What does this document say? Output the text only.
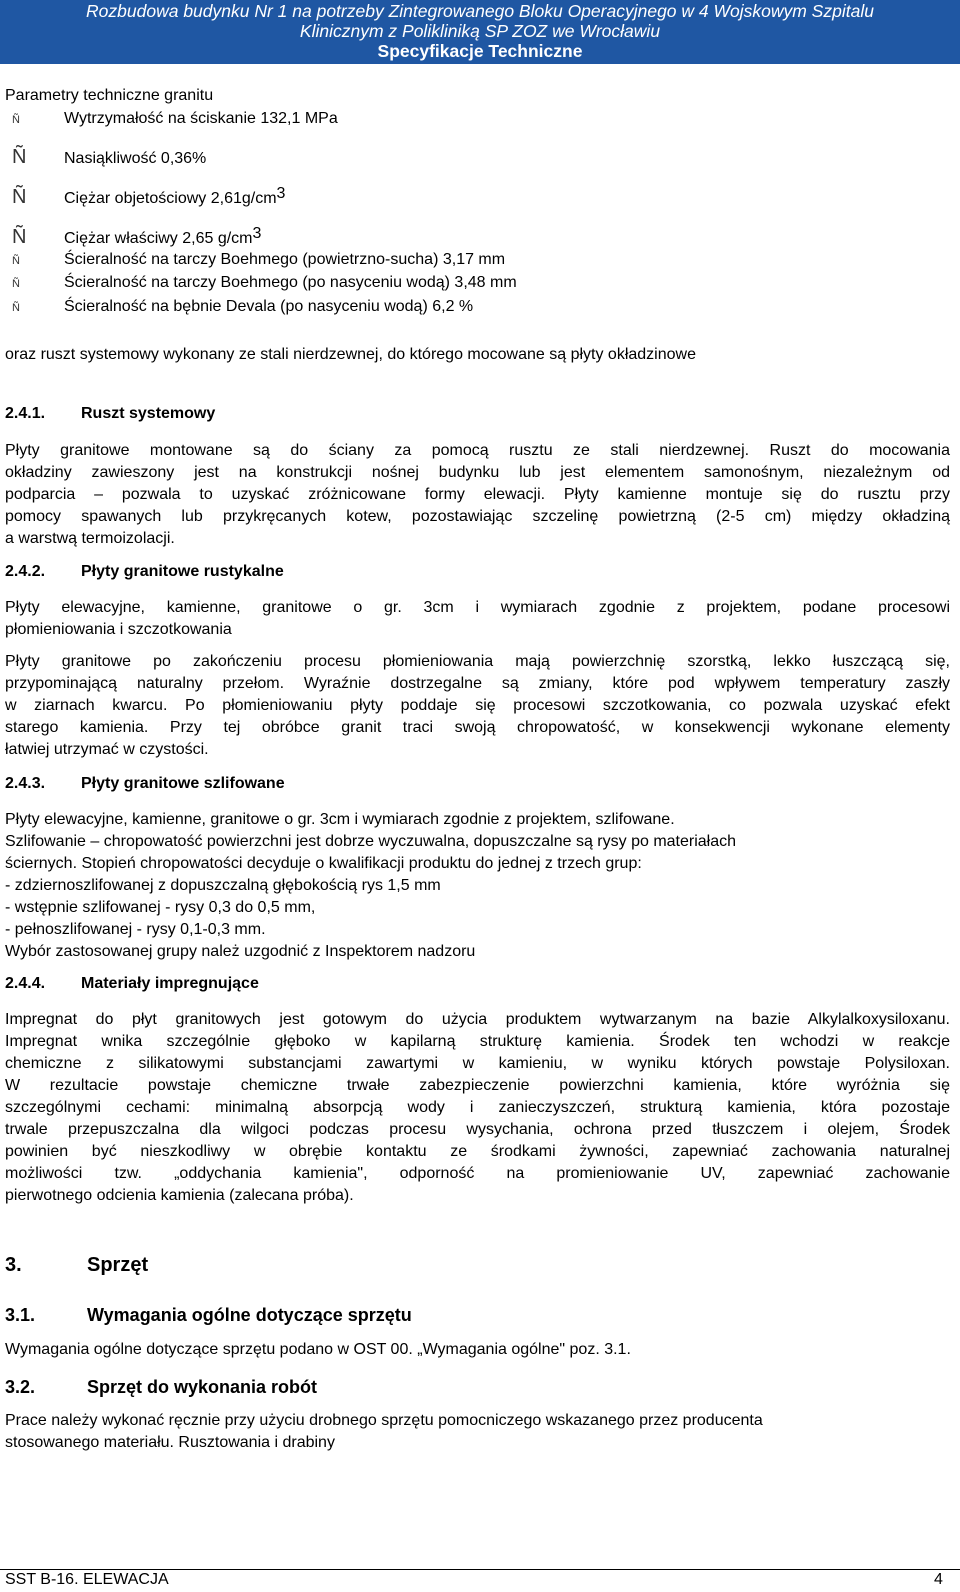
Rozbudowa budynku Nr 1 na potrzeby Zintegrowanego Bloku Operacyjnego w 4 Wojskowym Szpitalu
Klinicznym z Polikliniką SP ZOZ we Wrocławiu
Specyfikacje Techniczne
Parametry techniczne granitu
Ñ	Wytrzymałość na ściskanie 132,1 MPa
Ñ Nasiąkliwość 0,36%
Ñ Ciężar objetościowy $2,61g/cm^3$
Ñ Ciężar właściwy 2,65 $g/cm^3$
Ñ	Ścieralność na tarczy Boehmego (powietrzno-sucha) 3,17 mm
Ñ	Ścieralność na tarczy Boehmego (po nasyceniu wodą) 3,48 mm
Ñ	Ścieralność na bębnie Devala (po nasyceniu wodą) 6,2 %
oraz ruszt systemowy wykonany ze stali nierdzewnej, do którego mocowane są płyty okładzinowe
2.4.1. Ruszt systemowy
Płyty granitowe montowane są do ściany za pomocą rusztu ze stali nierdzewnej. Ruszt do mocowania
okładziny zawieszony jest na konstrukcji nośnej budynku lub jest elementem samonośnym, niezależnym od
podparcia – pozwala to uzyskać zróżnicowane formy elewacji. Płyty kamienne montuje się do rusztu przy
pomocy spawanych lub przykręcanych kotew, pozostawiając szczelinę powietrzną (2-5 cm) między okładziną
a warstwą termoizolacji.
2.4.2. Płyty granitowe rustykalne
Płyty elewacyjne, kamienne, granitowe o gr. 3cm i wymiarach zgodnie z projektem, podane procesowi
płomieniowania i szczotkowania
Płyty granitowe po zakończeniu procesu płomieniowania mają powierzchnię szorstką, lekko łuszczącą się,
przypominającą naturalny przełom. Wyraźnie dostrzegalne są zmiany, które pod wpływem temperatury zaszły
w ziarnach kwarcu. Po płomieniowaniu płyty poddaje się procesowi szczotkowania, co pozwala uzyskać efekt
starego kamienia. Przy tej obróbce granit traci swoją chropowatość, w konsekwencji wykonane elementy
łatwiej utrzymać w czystości.
2.4.3. Płyty granitowe szlifowane
Płyty elewacyjne, kamienne, granitowe o gr. 3cm i wymiarach zgodnie z projektem, szlifowane.
Szlifowanie – chropowatość powierzchni jest dobrze wyczuwalna, dopuszczalne są rysy po materiałach
ściernych. Stopień chropowatości decyduje o kwalifikacji produktu do jednej z trzech grup:
- zdziernoszlifowanej z dopuszczalną głębokością rys 1,5 mm
- wstępnie szlifowanej - rysy 0,3 do 0,5 mm,
- pełnoszlifowanej - rysy 0,1-0,3 mm.
Wybór zastosowanej grupy należ uzgodnić z Inspektorem nadzoru
2.4.4. Materiały impregnujące
Impregnat do płyt granitowych jest gotowym do użycia produktem wytwarzanym na bazie Alkylalkoxysiloxanu.
Impregnat wnika szczególnie głęboko w kapilarną strukturę kamienia. Środek ten wchodzi w reakcje
chemiczne z silikatowymi substancjami zawartymi w kamieniu, w wyniku których powstaje Polysiloxan.
W rezultacie powstaje chemiczne trwałe zabezpieczenie powierzchni kamienia, które wyróżnia się
szczególnymi cechami: minimalną absorpcją wody i zanieczyszczeń, strukturą kamienia, która pozostaje
trwale przepuszczalna dla wilgoci podczas procesu wysychania, ochrona przed tłuszczem i olejem, Środek
powinien być nieszkodliwy w obrębie kontaktu ze środkami żywności, zapewniać zachowania naturalnej
możliwości tzw. „oddychania kamienia", odporność na promieniowanie UV, zapewniać zachowanie
pierwotnego odcienia kamienia (zalecana próba).
3.	Sprzęt
3.1.	Wymagania ogólne dotyczące sprzętu
Wymagania ogólne dotyczące sprzętu podano w OST 00. „Wymagania ogólne" poz. 3.1.
3.2.	Sprzęt do wykonania robót
Prace należy wykonać ręcznie przy użyciu drobnego sprzętu pomocniczego wskazanego przez producenta
stosowanego materiału. Rusztowania i drabiny
SST B-16. ELEWACJA	4
